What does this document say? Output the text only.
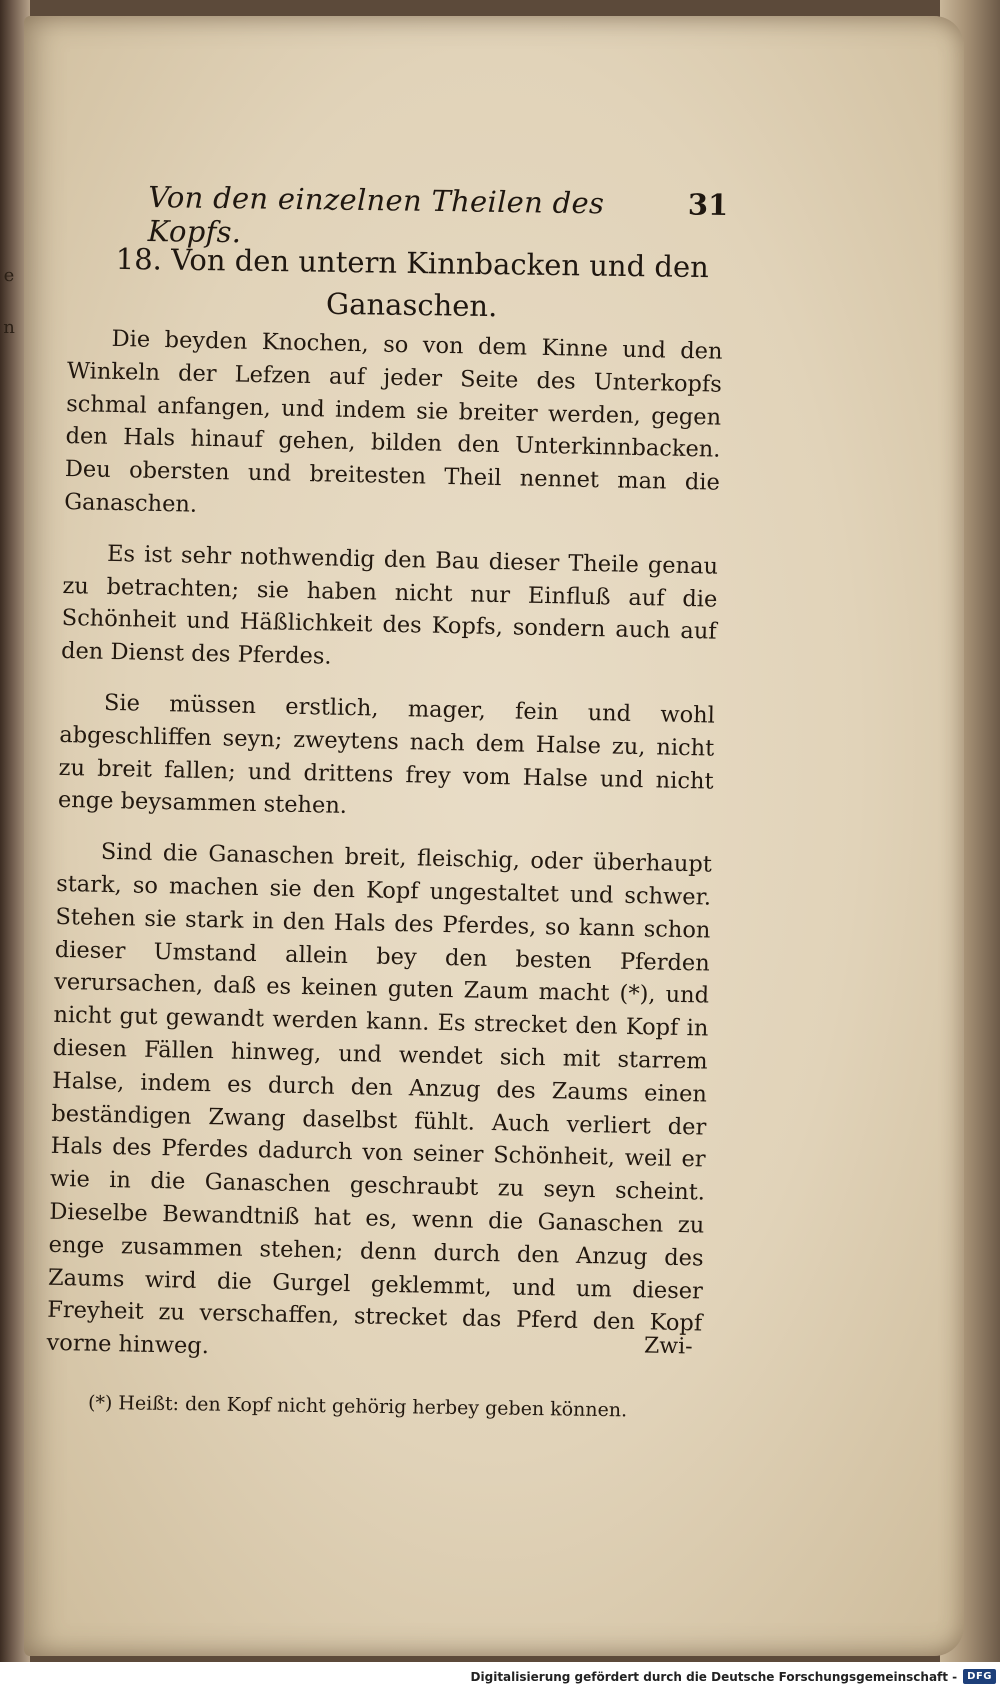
e
n
Von den einzelnen Theilen des Kopfs.
31
18. Von den untern Kinnbacken und den Ganaschen.

Die beyden Knochen, so von dem Kinne und den Winkeln der Lefzen auf jeder Seite des Unterkopfs schmal anfangen, und indem sie breiter werden, gegen den Hals hinauf gehen, bilden den Unterkinnbacken. Deu obersten und breitesten Theil nennet man die Ganaschen.

Es ist sehr nothwendig den Bau dieser Theile genau zu betrachten; sie haben nicht nur Einfluß auf die Schönheit und Häßlichkeit des Kopfs, sondern auch auf den Dienst des Pferdes.

Sie müssen erstlich, mager, fein und wohl abgeschliffen seyn; zweytens nach dem Halse zu, nicht zu breit fallen; und drittens frey vom Halse und nicht enge beysammen stehen.

Sind die Ganaschen breit, fleischig, oder überhaupt stark, so machen sie den Kopf ungestaltet und schwer. Stehen sie stark in den Hals des Pferdes, so kann schon dieser Umstand allein bey den besten Pferden verursachen, daß es keinen guten Zaum macht (*), und nicht gut gewandt werden kann. Es strecket den Kopf in diesen Fällen hinweg, und wendet sich mit starrem Halse, indem es durch den Anzug des Zaums einen beständigen Zwang daselbst fühlt. Auch verliert der Hals des Pferdes dadurch von seiner Schönheit, weil er wie in die Ganaschen geschraubt zu seyn scheint. Dieselbe Bewandtniß hat es, wenn die Ganaschen zu enge zusammen stehen; denn durch den Anzug des Zaums wird die Gurgel geklemmt, und um dieser Freyheit zu verschaffen, strecket das Pferd den Kopf vorne hinweg.	Zwi-
(*) Heißt: den Kopf nicht gehörig herbey geben können.
Digitalisierung gefördert durch die Deutsche Forschungsgemeinschaft -	DFG
